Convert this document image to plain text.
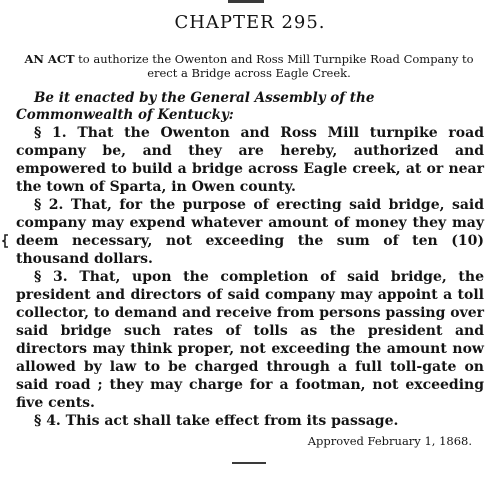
CHAPTER 295.
AN ACT to authorize the Owenton and Ross Mill Turnpike Road Company to erect a Bridge across Eagle Creek.
Be it enacted by the General Assembly of the Commonwealth of Kentucky:
§ 1. That the Owenton and Ross Mill turnpike road company be, and they are hereby, authorized and empowered to build a bridge across Eagle creek, at or near the town of Sparta, in Owen county.
§ 2. That, for the purpose of erecting said bridge, said company may expend whatever amount of money they may deem necessary, not exceeding the sum of ten (10) thousand dollars.
§ 3. That, upon the completion of said bridge, the president and directors of said company may appoint a toll collector, to demand and receive from persons passing over said bridge such rates of tolls as the president and directors may think proper, not exceeding the amount now allowed by law to be charged through a full toll-gate on said road ; they may charge for a footman, not exceeding five cents.
§ 4. This act shall take effect from its passage.
Approved February 1, 1868.
